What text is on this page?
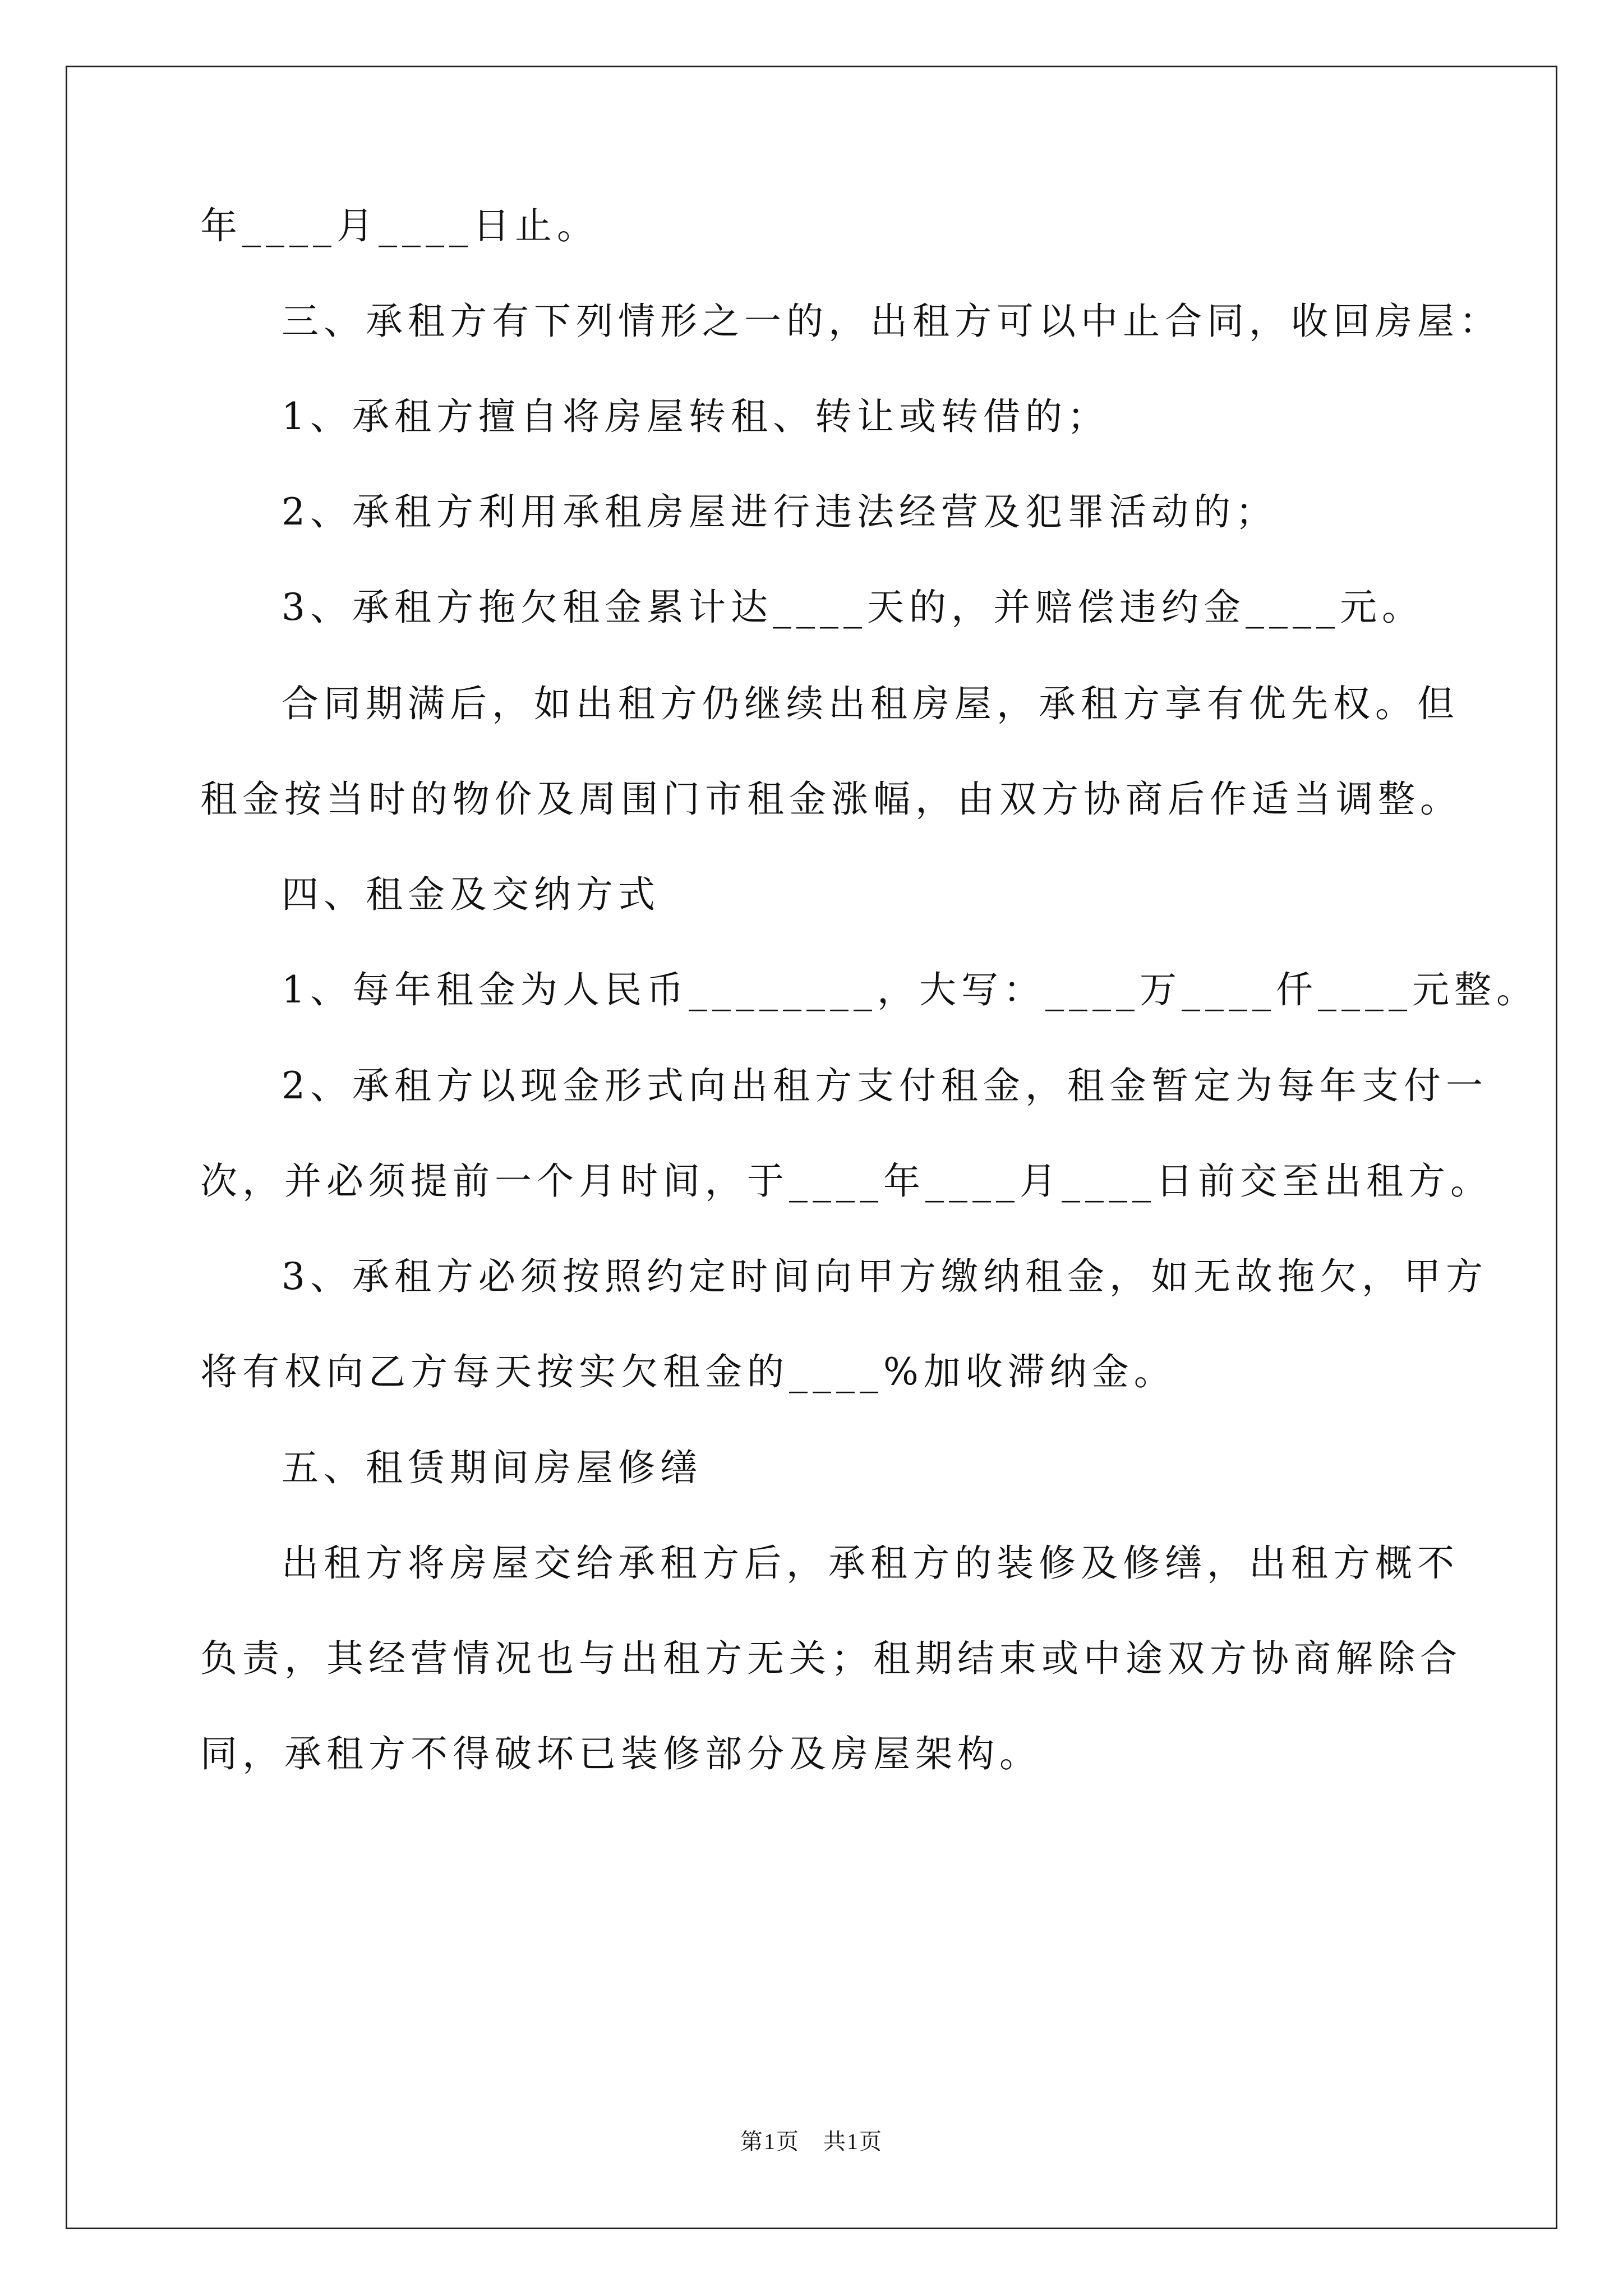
年____月____日止。
三、承租方有下列情形之一的，出租方可以中止合同，收回房屋：
1、承租方擅自将房屋转租、转让或转借的；
2、承租方利用承租房屋进行违法经营及犯罪活动的；
3、承租方拖欠租金累计达____天的，并赔偿违约金____元。
合同期满后，如出租方仍继续出租房屋，承租方享有优先权。但
租金按当时的物价及周围门市租金涨幅，由双方协商后作适当调整。
四、租金及交纳方式
1、每年租金为人民币________，大写：____万____仟____元整。
2、承租方以现金形式向出租方支付租金，租金暂定为每年支付一
次，并必须提前一个月时间，于____年____月____日前交至出租方。
3、承租方必须按照约定时间向甲方缴纳租金，如无故拖欠，甲方
将有权向乙方每天按实欠租金的____%加收滞纳金。
五、租赁期间房屋修缮
出租方将房屋交给承租方后，承租方的装修及修缮，出租方概不
负责，其经营情况也与出租方无关；租期结束或中途双方协商解除合
同，承租方不得破坏已装修部分及房屋架构。
第1页　共1页
